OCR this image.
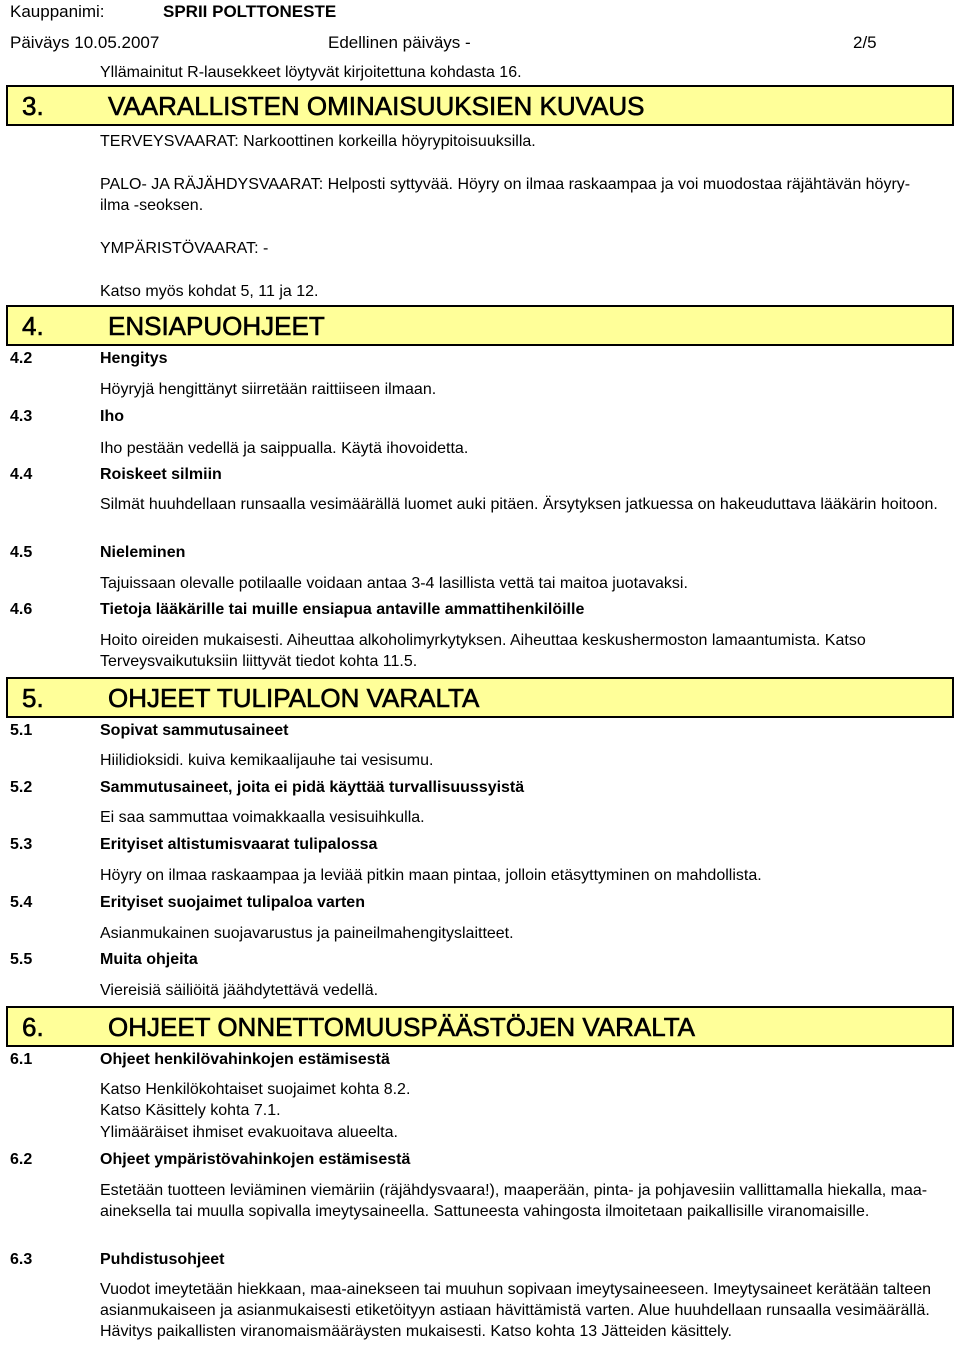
Kauppanimi:	SPRII POLTTONESTE
Päiväys 10.05.2007	Edellinen päiväys -	2/5
Yllämainitut R-lausekkeet löytyvät kirjoitettuna kohdasta 16.
3. VAARALLISTEN OMINAISUUKSIEN KUVAUS
TERVEYSVAARAT: Narkoottinen korkeilla höyrypitoisuuksilla.
PALO- JA RÄJÄHDYSVAARAT: Helposti syttyvää. Höyry on ilmaa raskaampaa ja voi muodostaa räjähtävän höyry-ilma -seoksen.
YMPÄRISTÖVAARAT: -
Katso myös kohdat 5, 11 ja 12.
4. ENSIAPUOHJEET
4.2	Hengitys
Höyryjä hengittänyt siirretään raittiiseen ilmaan.
4.3	Iho
Iho pestään vedellä ja saippualla. Käytä ihovoidetta.
4.4	Roiskeet silmiin
Silmät huuhdellaan runsaalla vesimäärällä luomet auki pitäen. Ärsytyksen jatkuessa on hakeuduttava lääkärin hoitoon.
4.5	Nieleminen
Tajuissaan olevalle potilaalle voidaan antaa 3-4 lasillista vettä tai maitoa juotavaksi.
4.6	Tietoja lääkärille tai muille ensiapua antaville ammattihenkilöille
Hoito oireiden mukaisesti. Aiheuttaa alkoholimyrkytyksen. Aiheuttaa keskushermoston lamaantumista. Katso Terveysvaikutuksiin liittyvät tiedot kohta 11.5.
5. OHJEET TULIPALON VARALTA
5.1	Sopivat sammutusaineet
Hiilidioksidi. kuiva kemikaalijauhe tai vesisumu.
5.2	Sammutusaineet, joita ei pidä käyttää turvallisuussyistä
Ei saa sammuttaa voimakkaalla vesisuihkulla.
5.3	Erityiset altistumisvaarat tulipalossa
Höyry on ilmaa raskaampaa ja leviää pitkin maan pintaa, jolloin etäsyttyminen on mahdollista.
5.4	Erityiset suojaimet tulipaloa varten
Asianmukainen suojavarustus ja paineilmahengityslaitteet.
5.5	Muita ohjeita
Viereisiä säiliöitä jäähdytettävä vedellä.
6. OHJEET ONNETTOMUUSPÄÄSTÖJEN VARALTA
6.1	Ohjeet henkilövahinkojen estämisestä
Katso Henkilökohtaiset suojaimet kohta 8.2.
Katso Käsittely kohta 7.1.
Ylimääräiset ihmiset evakuoitava alueelta.
6.2	Ohjeet ympäristövahinkojen estämisestä
Estetään tuotteen leviäminen viemäriin (räjähdysvaara!), maaperään, pinta- ja pohjavesiin vallittamalla hiekalla, maa-aineksella tai muulla sopivalla imeytysaineella. Sattuneesta vahingosta ilmoitetaan paikallisille viranomaisille.
6.3	Puhdistusohjeet
Vuodot imeytetään hiekkaan, maa-ainekseen tai muuhun sopivaan imeytysaineeseen. Imeytysaineet kerätään talteen asianmukaiseen ja asianmukaisesti etiketöityyn astiaan hävittämistä varten. Alue huuhdellaan runsaalla vesimäärällä. Hävitys paikallisten viranomaismääräysten mukaisesti. Katso kohta 13 Jätteiden käsittely.
